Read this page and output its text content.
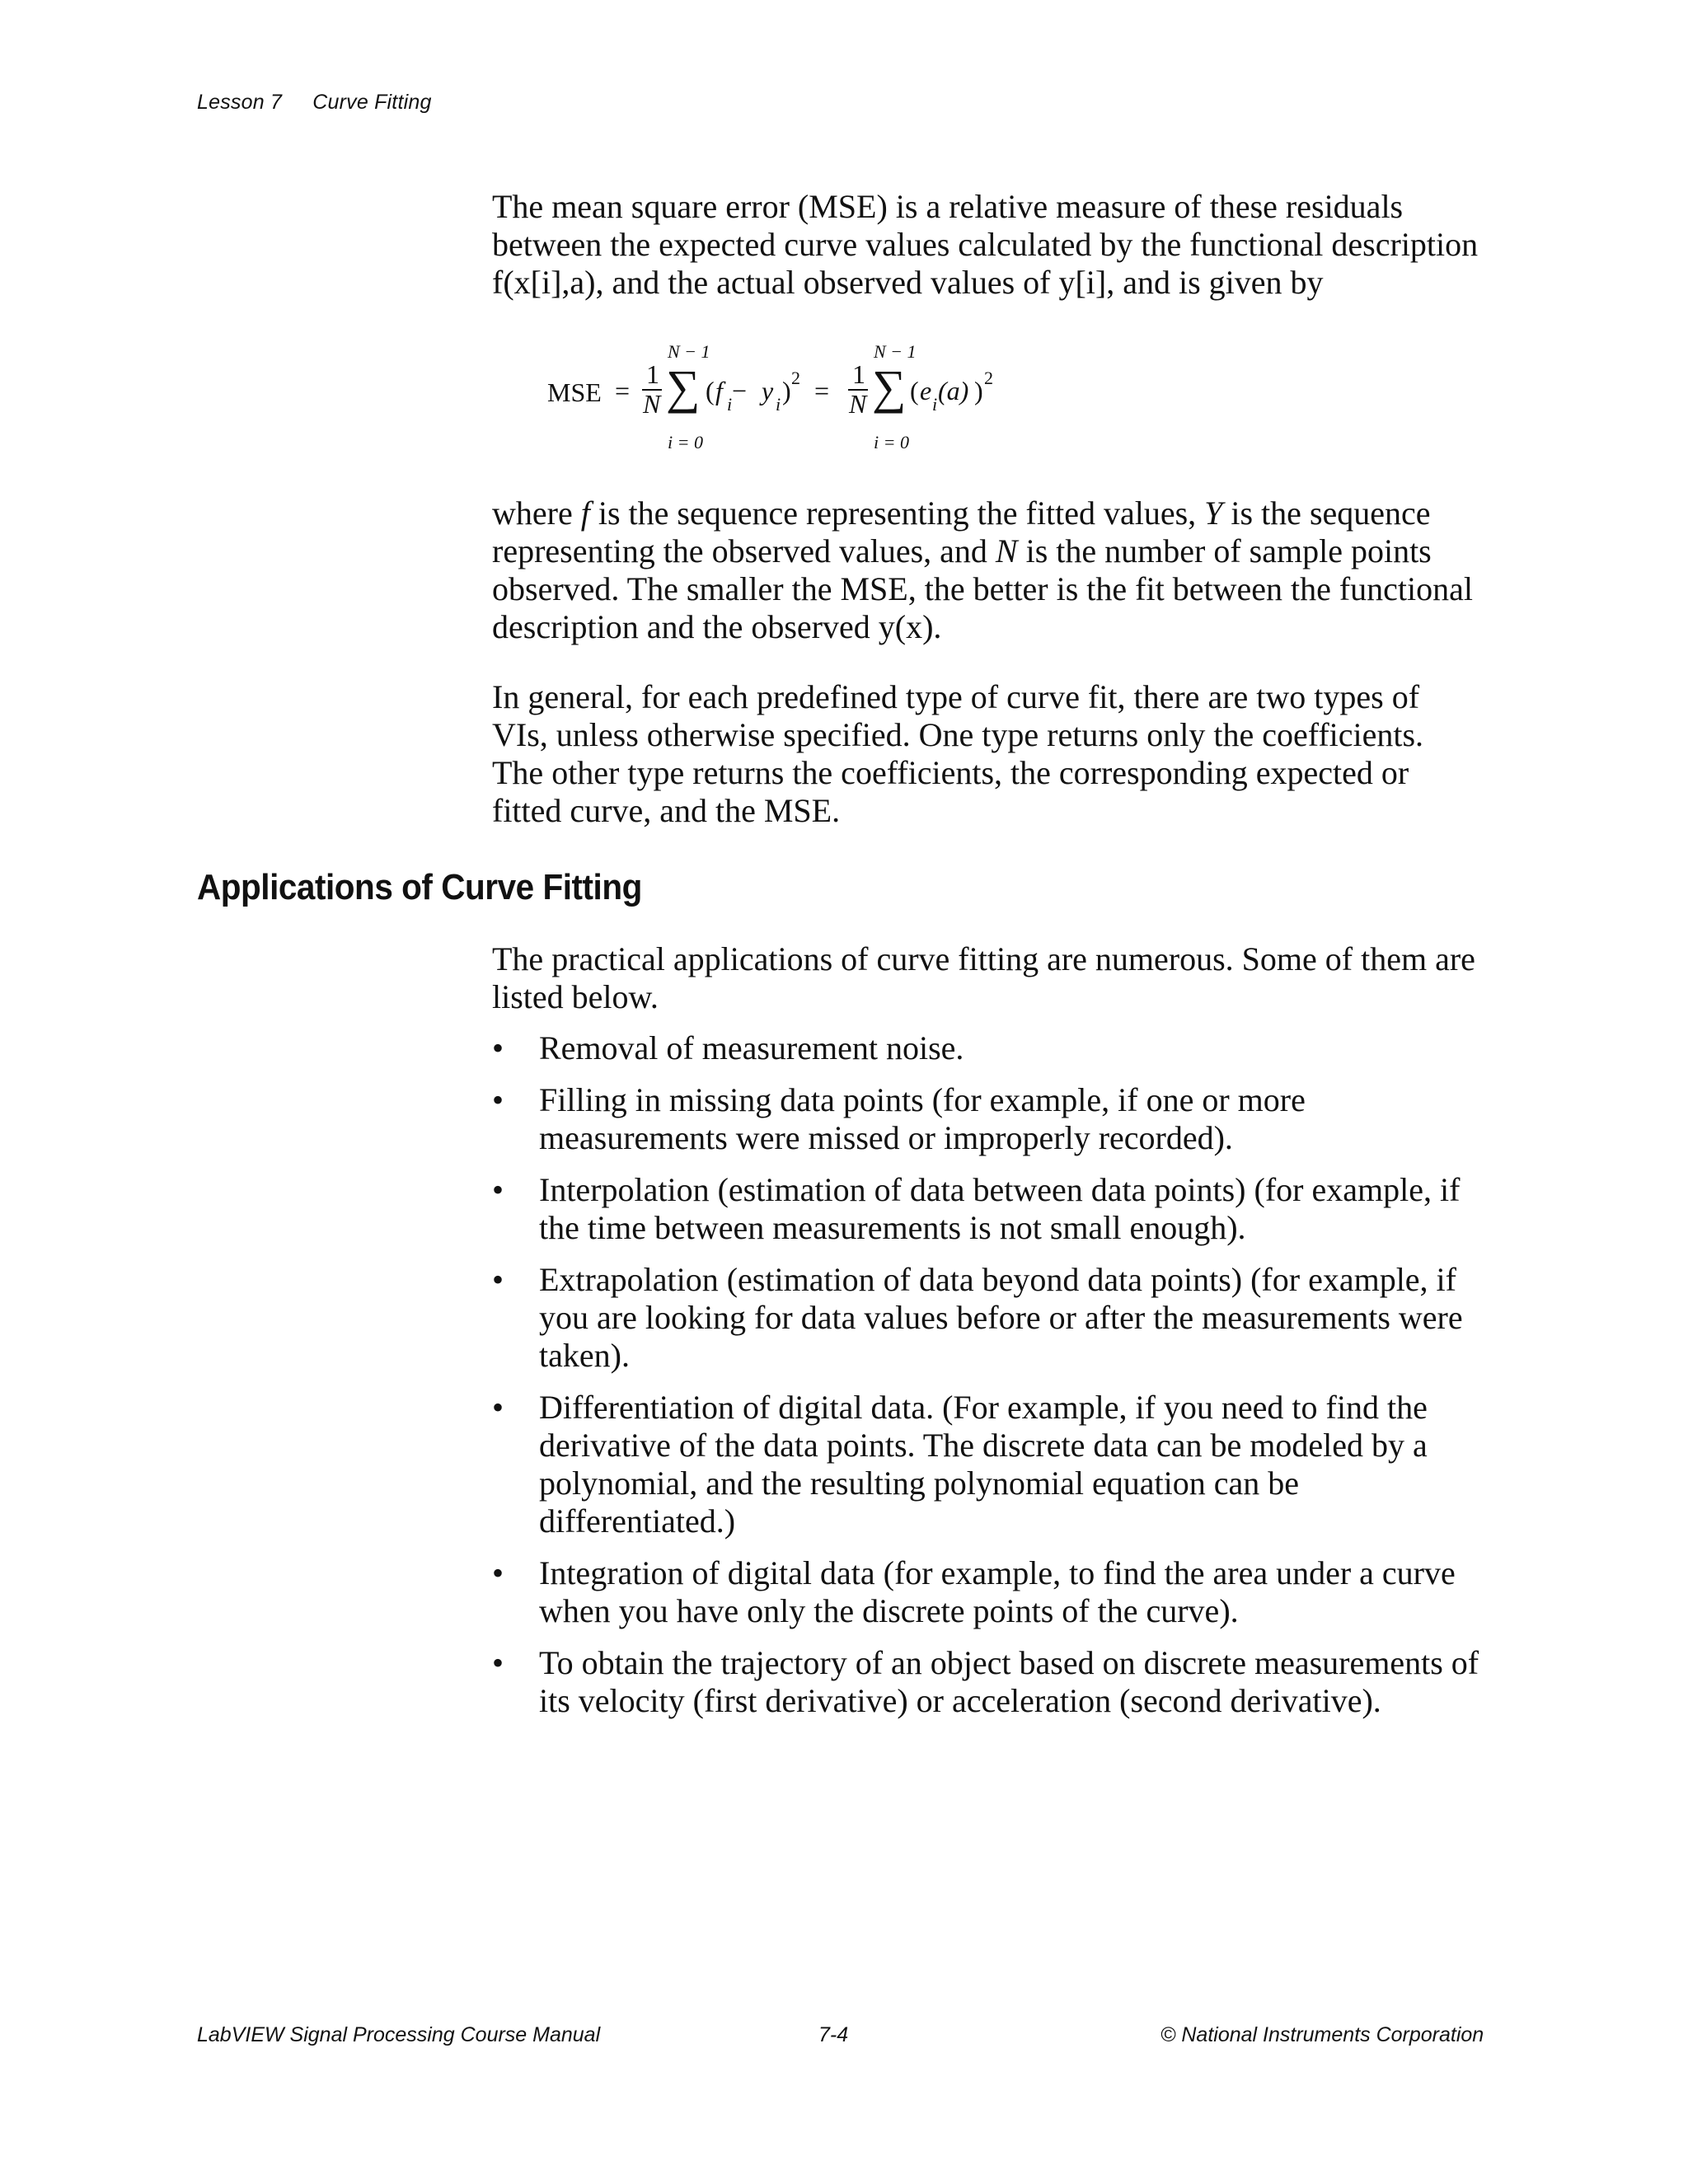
Lesson 7 Curve Fitting

The mean square error (MSE) is a relative measure of these residuals between the expected curve values calculated by the functional description f(x[i],a), and the actual observed values of y[i], and is given by

MSE =
1
N
N − 1
∑
i = 0
( f i − y i ) 2 =
1
N
N − 1
∑
i = 0
( e i (a) ) 2

where f is the sequence representing the fitted values, Y is the sequence representing the observed values, and N is the number of sample points observed. The smaller the MSE, the better is the fit between the functional description and the observed y(x).

In general, for each predefined type of curve fit, there are two types of VIs, unless otherwise specified. One type returns only the coefficients. The other type returns the coefficients, the corresponding expected or fitted curve, and the MSE.

Applications of Curve Fitting

The practical applications of curve fitting are numerous. Some of them are listed below.

• Removal of measurement noise.
• Filling in missing data points (for example, if one or more measurements were missed or improperly recorded).
• Interpolation (estimation of data between data points) (for example, if the time between measurements is not small enough).
• Extrapolation (estimation of data beyond data points) (for example, if you are looking for data values before or after the measurements were taken).
• Differentiation of digital data. (For example, if you need to find the derivative of the data points. The discrete data can be modeled by a polynomial, and the resulting polynomial equation can be differentiated.)
• Integration of digital data (for example, to find the area under a curve when you have only the discrete points of the curve).
• To obtain the trajectory of an object based on discrete measurements of its velocity (first derivative) or acceleration (second derivative).
LabVIEW Signal Processing Course Manual	7-4	© National Instruments Corporation
